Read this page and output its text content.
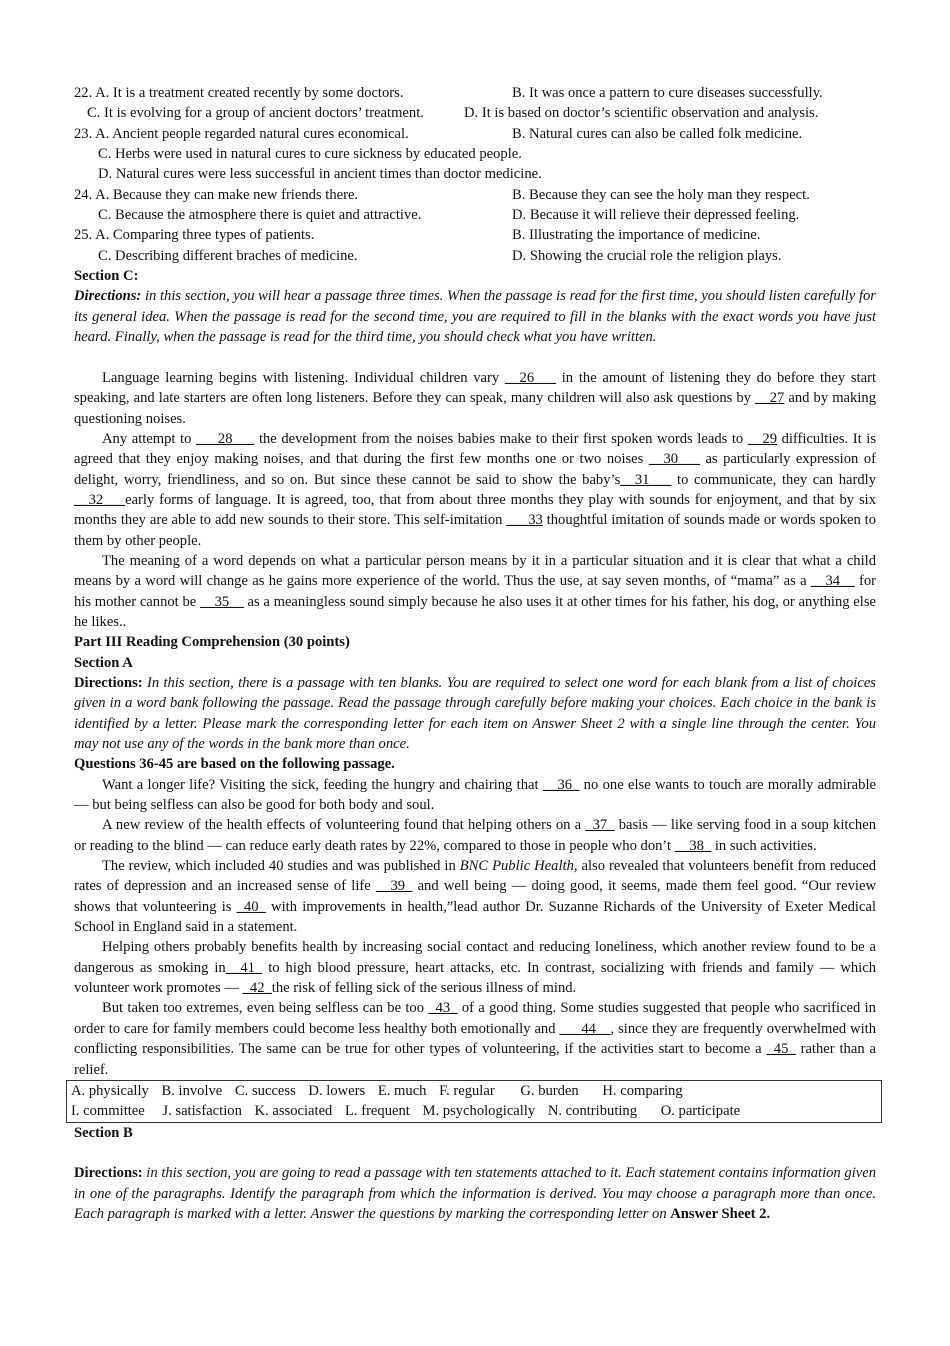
22. A. It is a treatment created recently by some doctors.	B. It was once a pattern to cure diseases successfully.
C. It is evolving for a group of ancient doctors’ treatment.	D. It is based on doctor’s scientific observation and analysis.
23. A. Ancient people regarded natural cures economical.	B. Natural cures can also be called folk medicine.
C. Herbs were used in natural cures to cure sickness by educated people.
D. Natural cures were less successful in ancient times than doctor medicine.
24. A. Because they can make new friends there.	B. Because they can see the holy man they respect.
C. Because the atmosphere there is quiet and attractive.	D. Because it will relieve their depressed feeling.
25. A. Comparing three types of patients.	B. Illustrating the importance of medicine.
C. Describing different braches of medicine.	D. Showing the crucial role the religion plays.
Section C:

Directions: in this section, you will hear a passage three times. When the passage is read for the first time, you should listen carefully for its general idea. When the passage is read for the second time, you are required to fill in the blanks with the exact words you have just heard. Finally, when the passage is read for the third time, you should check what you have written.

Language learning begins with listening. Individual children vary __26___ in the amount of listening they do before they start speaking, and late starters are often long listeners. Before they can speak, many children will also ask questions by __27 and by making questioning noises.

Any attempt to ___28___ the development from the noises babies make to their first spoken words leads to __29 difficulties. It is agreed that they enjoy making noises, and that during the first few months one or two noises __30___ as particularly expression of delight, worry, friendliness, and so on. But since these cannot be said to show the baby’s__31___ to communicate, they can hardly __32___early forms of language. It is agreed, too, that from about three months they play with sounds for enjoyment, and that by six months they are able to add new sounds to their store. This self-imitation ___33 thoughtful imitation of sounds made or words spoken to them by other people.

The meaning of a word depends on what a particular person means by it in a particular situation and it is clear that what a child means by a word will change as he gains more experience of the world. Thus the use, at say seven months, of “mama” as a __34__ for his mother cannot be __35__ as a meaningless sound simply because he also uses it at other times for his father, his dog, or anything else he likes..

Part III Reading Comprehension (30 points)
Section A

Directions: In this section, there is a passage with ten blanks. You are required to select one word for each blank from a list of choices given in a word bank following the passage. Read the passage through carefully before making your choices. Each choice in the bank is identified by a letter. Please mark the corresponding letter for each item on Answer Sheet 2 with a single line through the center. You may not use any of the words in the bank more than once.

Questions 36-45 are based on the following passage.

Want a longer life? Visiting the sick, feeding the hungry and chairing that __36_ no one else wants to touch are morally admirable — but being selfless can also be good for both body and soul.

A new review of the health effects of volunteering found that helping others on a _37_ basis — like serving food in a soup kitchen or reading to the blind — can reduce early death rates by 22%, compared to those in people who don’t __38_ in such activities.

The review, which included 40 studies and was published in BNC Public Health, also revealed that volunteers benefit from reduced rates of depression and an increased sense of life __39_ and well being — doing good, it seems, made them feel good. “Our review shows that volunteering is _40_ with improvements in health,”lead author Dr. Suzanne Richards of the University of Exeter Medical School in England said in a statement.

Helping others probably benefits health by increasing social contact and reducing loneliness, which another review found to be a dangerous as smoking in__41_ to high blood pressure, heart attacks, etc. In contrast, socializing with friends and family — which volunteer work promotes — _42_the risk of felling sick of the serious illness of mind.

But taken too extremes, even being selfless can be too _43_ of a good thing. Some studies suggested that people who sacrificed in order to care for family members could become less healthy both emotionally and ___44__, since they are frequently overwhelmed with conflicting responsibilities. The same can be true for other types of volunteering, if the activities start to become a _45_ rather than a relief.

A. physically B. involve C. success D. lowers E. much F. regular G. burden H. comparing
I. committee J. satisfaction K. associated L. frequent M. psychologically N. contributing O. participate
Section B

Directions: in this section, you are going to read a passage with ten statements attached to it. Each statement contains information given in one of the paragraphs. Identify the paragraph from which the information is derived. You may choose a paragraph more than once. Each paragraph is marked with a letter. Answer the questions by marking the corresponding letter on Answer Sheet 2.
